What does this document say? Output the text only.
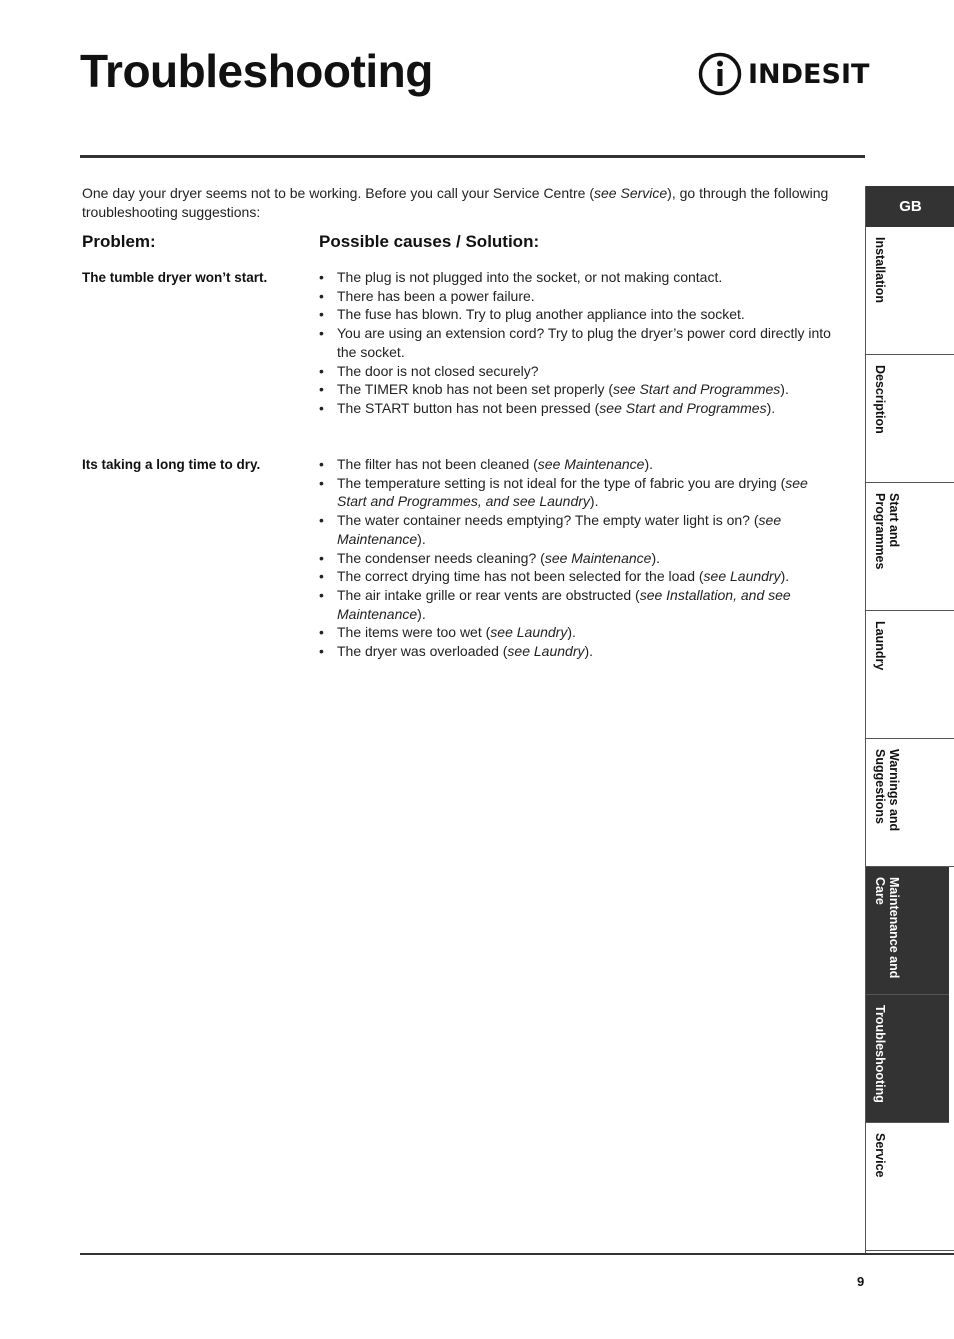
Troubleshooting	INDESIT

One day your dryer seems not to be working. Before you call your Service Centre (see Service), go through the following troubleshooting suggestions:

Problem:	Possible causes / Solution:
The tumble dryer won’t start.	• The plug is not plugged into the socket, or not making contact.
• There has been a power failure.
• The fuse has blown. Try to plug another appliance into the socket.
• You are using an extension cord? Try to plug the dryer’s power cord directly into the socket.
• The door is not closed securely?
• The TIMER knob has not been set properly (see Start and Programmes).
• The START button has not been pressed (see Start and Programmes).
Its taking a long time to dry.	• The filter has not been cleaned (see Maintenance).
• The temperature setting is not ideal for the type of fabric you are drying (see Start and Programmes, and see Laundry).
• The water container needs emptying? The empty water light is on? (see Maintenance).
• The condenser needs cleaning? (see Maintenance).
• The correct drying time has not been selected for the load (see Laundry).
• The air intake grille or rear vents are obstructed (see Installation, and see Maintenance).
• The items were too wet (see Laundry).
• The dryer was overloaded (see Laundry).
GB
Installation
Description
Start and
Programmes
Laundry
Warnings and
Suggestions
Maintenance and
Care
Troubleshooting
Service
9
